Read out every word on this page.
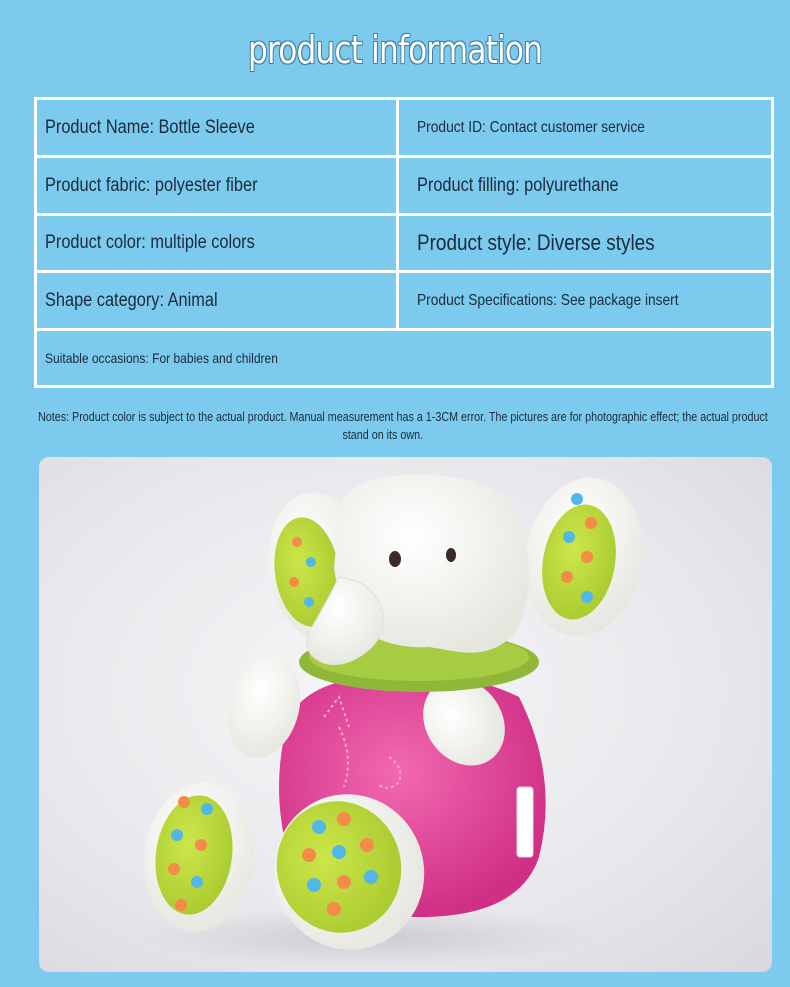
product information
Product Name: Bottle Sleeve	Product ID: Contact customer service
Product fabric: polyester fiber	Product filling: polyurethane
Product color: multiple colors	Product style: Diverse styles
Shape category: Animal	Product Specifications: See package insert
Suitable occasions: For babies and children
Notes: Product color is subject to the actual product. Manual measurement has a 1-3CM error. The pictures are for photographic effect; the actual product
stand on its own.
